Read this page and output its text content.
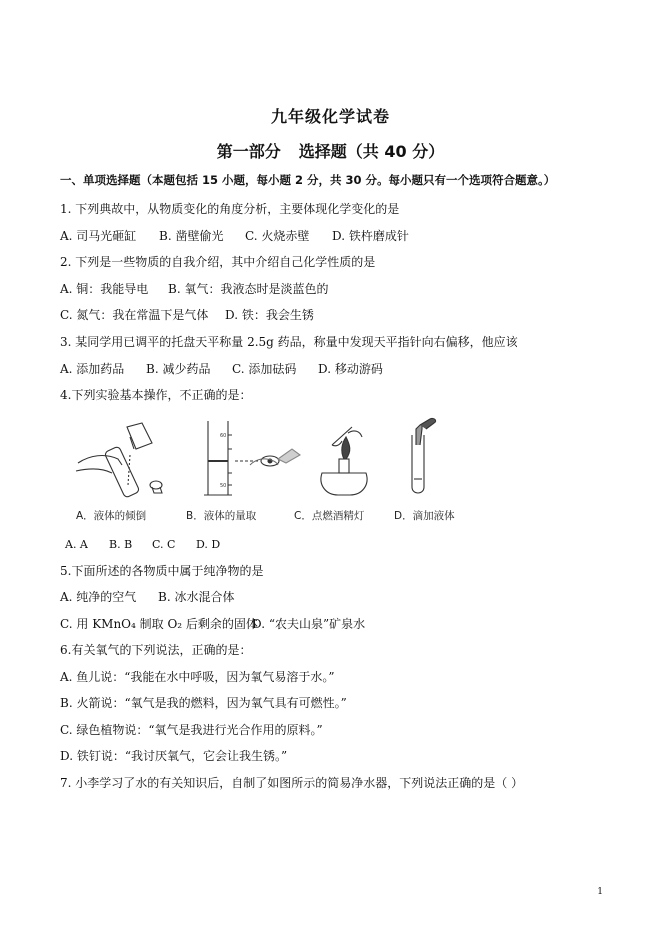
九年级化学试卷
第一部分 选择题（共 40 分）
一、单项选择题（本题包括 15 小题，每小题 2 分，共 30 分。每小题只有一个选项符合题意。）
1. 下列典故中，从物质变化的角度分析，主要体现化学变化的是
A. 司马光砸缸 B. 凿壁偷光 C. 火烧赤壁 D. 铁杵磨成针
2. 下列是一些物质的自我介绍，其中介绍自己化学性质的是
A. 铜：我能导电 B. 氧气：我液态时是淡蓝色的
C. 氮气：我在常温下是气体 D. 铁：我会生锈
3. 某同学用已调平的托盘天平称量 2.5g 药品，称量中发现天平指针向右偏移，他应该
A. 添加药品 B. 减少药品 C. 添加砝码 D. 移动游码
4.下列实验基本操作，不正确的是：
60
50
A．液体的倾倒	B．液体的量取	C．点燃酒精灯	D．滴加液体
A. A B. B C. C D. D
5.下面所述的各物质中属于纯净物的是
A. 纯净的空气 B. 冰水混合体
C. 用 KMnO₄ 制取 O₂ 后剩余的固体D. “农夫山泉”矿泉水
6.有关氧气的下列说法，正确的是：
A. 鱼儿说：“我能在水中呼吸，因为氧气易溶于水。”
B. 火箭说：“氧气是我的燃料，因为氧气具有可燃性。”
C. 绿色植物说：“氧气是我进行光合作用的原料。”
D. 铁钉说：“我讨厌氧气，它会让我生锈。”
7. 小李学习了水的有关知识后，自制了如图所示的简易净水器，下列说法正确的是（ ）
1
